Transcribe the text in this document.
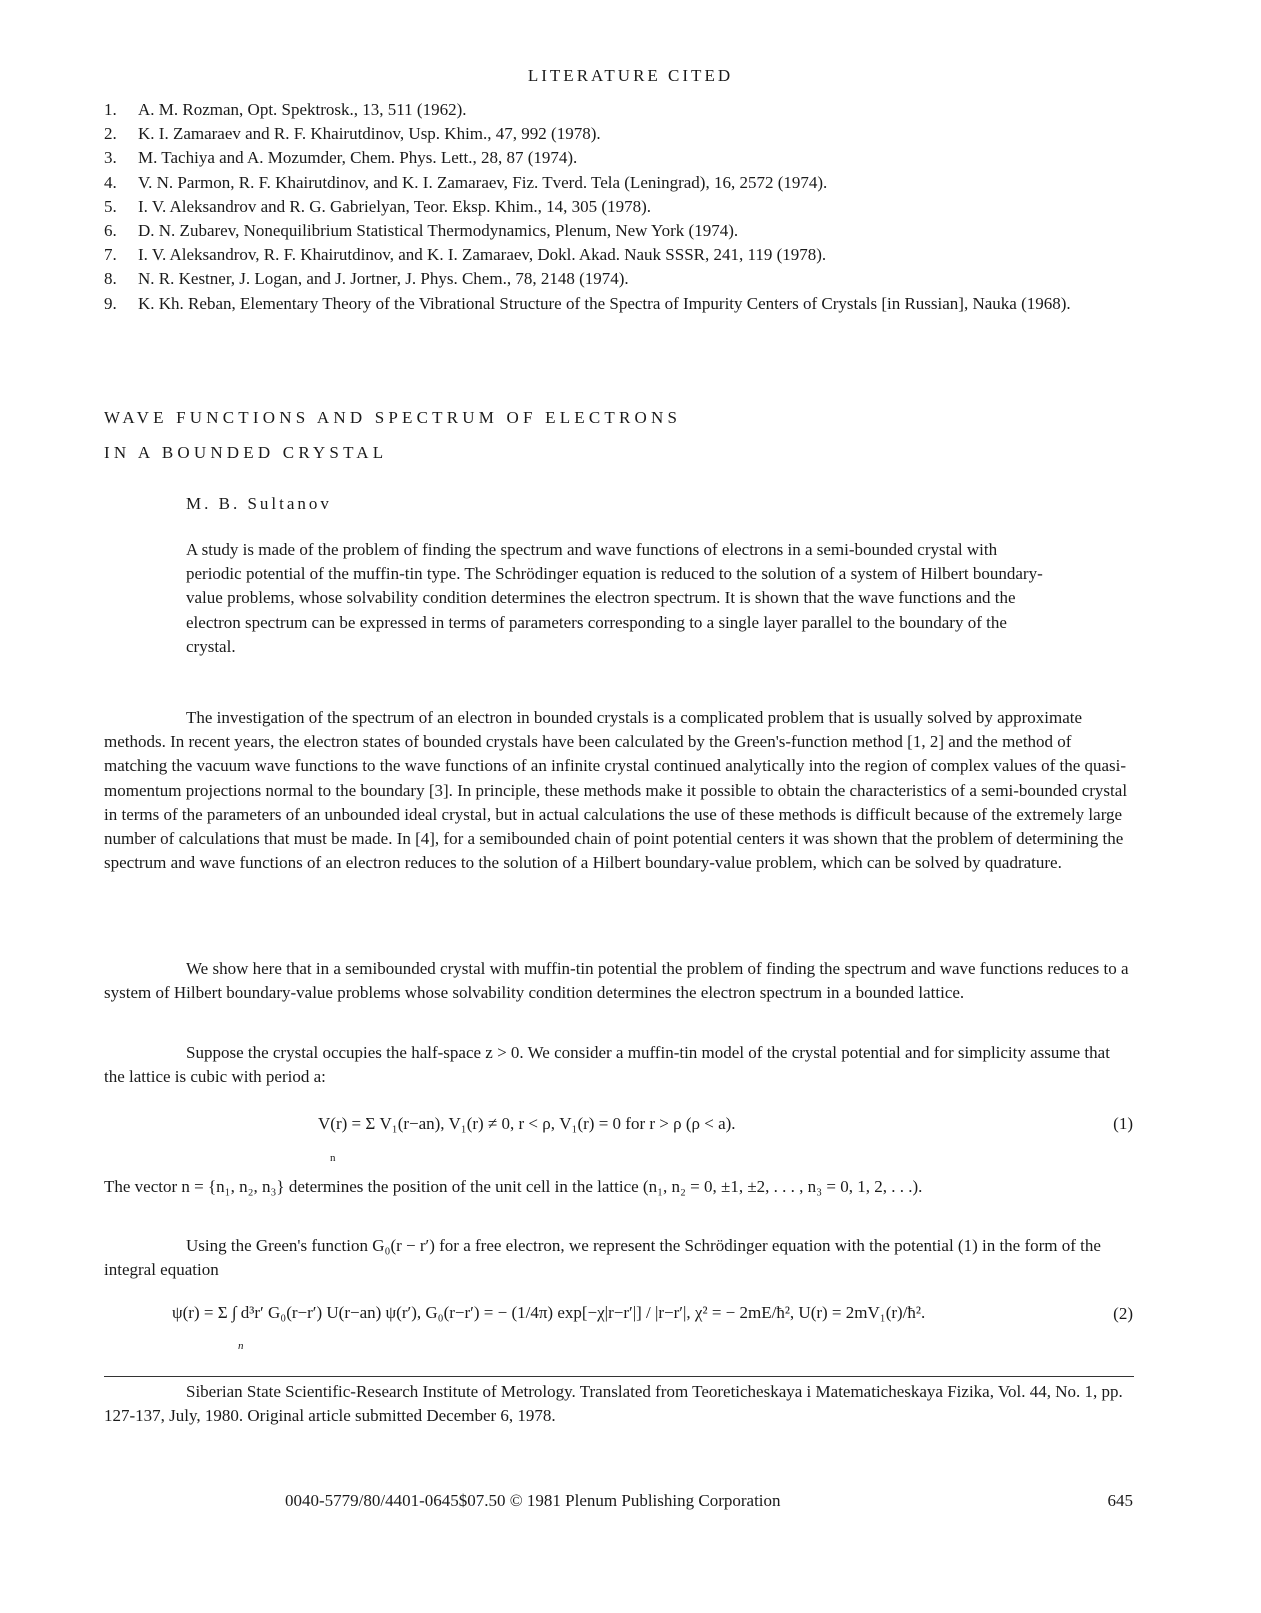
LITERATURE CITED
1. A. M. Rozman, Opt. Spektrosk., 13, 511 (1962).
2. K. I. Zamaraev and R. F. Khairutdinov, Usp. Khim., 47, 992 (1978).
3. M. Tachiya and A. Mozumder, Chem. Phys. Lett., 28, 87 (1974).
4. V. N. Parmon, R. F. Khairutdinov, and K. I. Zamaraev, Fiz. Tverd. Tela (Leningrad), 16, 2572 (1974).
5. I. V. Aleksandrov and R. G. Gabrielyan, Teor. Eksp. Khim., 14, 305 (1978).
6. D. N. Zubarev, Nonequilibrium Statistical Thermodynamics, Plenum, New York (1974).
7. I. V. Aleksandrov, R. F. Khairutdinov, and K. I. Zamaraev, Dokl. Akad. Nauk SSSR, 241, 119 (1978).
8. N. R. Kestner, J. Logan, and J. Jortner, J. Phys. Chem., 78, 2148 (1974).
9. K. Kh. Reban, Elementary Theory of the Vibrational Structure of the Spectra of Impurity Centers of Crystals [in Russian], Nauka (1968).
WAVE FUNCTIONS AND SPECTRUM OF ELECTRONS
IN A BOUNDED CRYSTAL
M. B. Sultanov

A study is made of the problem of finding the spectrum and wave functions of electrons in a semi-bounded crystal with periodic potential of the muffin-tin type. The Schrödinger equation is reduced to the solution of a system of Hilbert boundary-value problems, whose solvability condition determines the electron spectrum. It is shown that the wave functions and the electron spectrum can be expressed in terms of parameters corresponding to a single layer parallel to the boundary of the crystal.

The investigation of the spectrum of an electron in bounded crystals is a complicated problem that is usually solved by approximate methods. In recent years, the electron states of bounded crystals have been calculated by the Green's-function method [1, 2] and the method of matching the vacuum wave functions to the wave functions of an infinite crystal continued analytically into the region of complex values of the quasi-momentum projections normal to the boundary [3]. In principle, these methods make it possible to obtain the characteristics of a semi-bounded crystal in terms of the parameters of an unbounded ideal crystal, but in actual calculations the use of these methods is difficult because of the extremely large number of calculations that must be made. In [4], for a semibounded chain of point potential centers it was shown that the problem of determining the spectrum and wave functions of an electron reduces to the solution of a Hilbert boundary-value problem, which can be solved by quadrature.

We show here that in a semibounded crystal with muffin-tin potential the problem of finding the spectrum and wave functions reduces to a system of Hilbert boundary-value problems whose solvability condition determines the electron spectrum in a bounded lattice.

Suppose the crystal occupies the half-space z > 0. We consider a muffin-tin model of the crystal potential and for simplicity assume that the lattice is cubic with period a:

V(r) = Σ V₁(r−an), V₁(r) ≠ 0, r < ρ, V₁(r) = 0 for r > ρ (ρ < a).
n
(1)

The vector n = {n₁, n₂, n₃} determines the position of the unit cell in the lattice (n₁, n₂ = 0, ±1, ±2, . . . , n₃ = 0, 1, 2, . . .).

Using the Green's function G₀(r − r′) for a free electron, we represent the Schrödinger equation with the potential (1) in the form of the integral equation

ψ(r) = Σ ∫ d³r′ G₀(r−r′) U(r−an) ψ(r′), G₀(r−r′) = − (1/4π) exp[−χ|r−r′|] / |r−r′|, χ² = − 2mE/ħ², U(r) = 2mV₁(r)/ħ².
n
(2)

Siberian State Scientific-Research Institute of Metrology. Translated from Teoreticheskaya i Matematicheskaya Fizika, Vol. 44, No. 1, pp. 127-137, July, 1980. Original article submitted December 6, 1978.

0040-5779/80/4401-0645$07.50 © 1981 Plenum Publishing Corporation	645
